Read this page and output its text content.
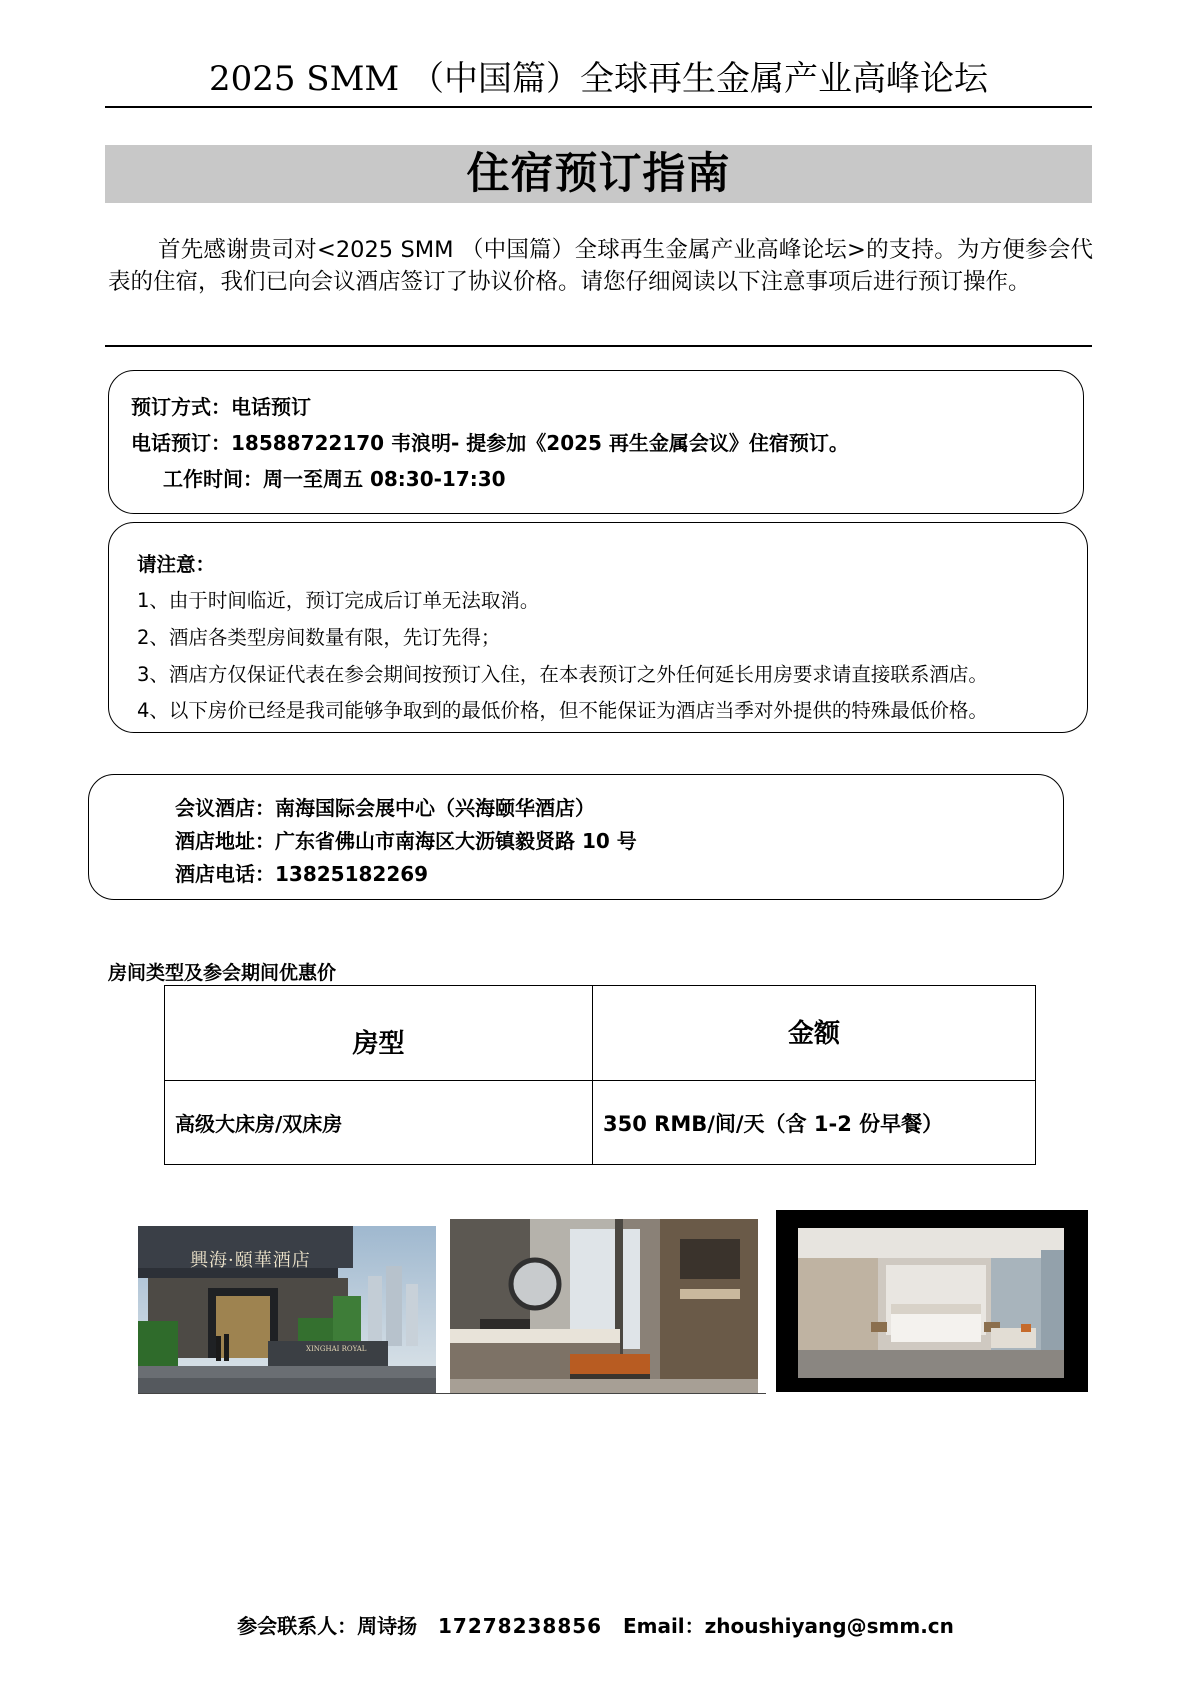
2025 SMM （中国篇）全球再生金属产业高峰论坛
住宿预订指南

首先感谢贵司对<2025 SMM （中国篇）全球再生金属产业高峰论坛>的支持。为方便参会代表的住宿，我们已向会议酒店签订了协议价格。请您仔细阅读以下注意事项后进行预订操作。

预订方式：电话预订
电话预订：18588722170 韦浪明- 提参加《2025 再生金属会议》住宿预订。
工作时间：周一至周五 08:30-17:30
请注意：
1、由于时间临近，预订完成后订单无法取消。
2、酒店各类型房间数量有限，先订先得；
3、酒店方仅保证代表在参会期间按预订入住，在本表预订之外任何延长用房要求请直接联系酒店。
4、以下房价已经是我司能够争取到的最低价格，但不能保证为酒店当季对外提供的特殊最低价格。
会议酒店：南海国际会展中心（兴海颐华酒店）
酒店地址：广东省佛山市南海区大沥镇毅贤路 10 号
酒店电话：13825182269
房间类型及参会期间优惠价
房型	金额
高级大床房/双床房	350 RMB/间/天（含 1-2 份早餐）
興海·頤華酒店
XINGHAI ROYAL
参会联系人：周诗扬 17278238856 Email：zhoushiyang@smm.cn
